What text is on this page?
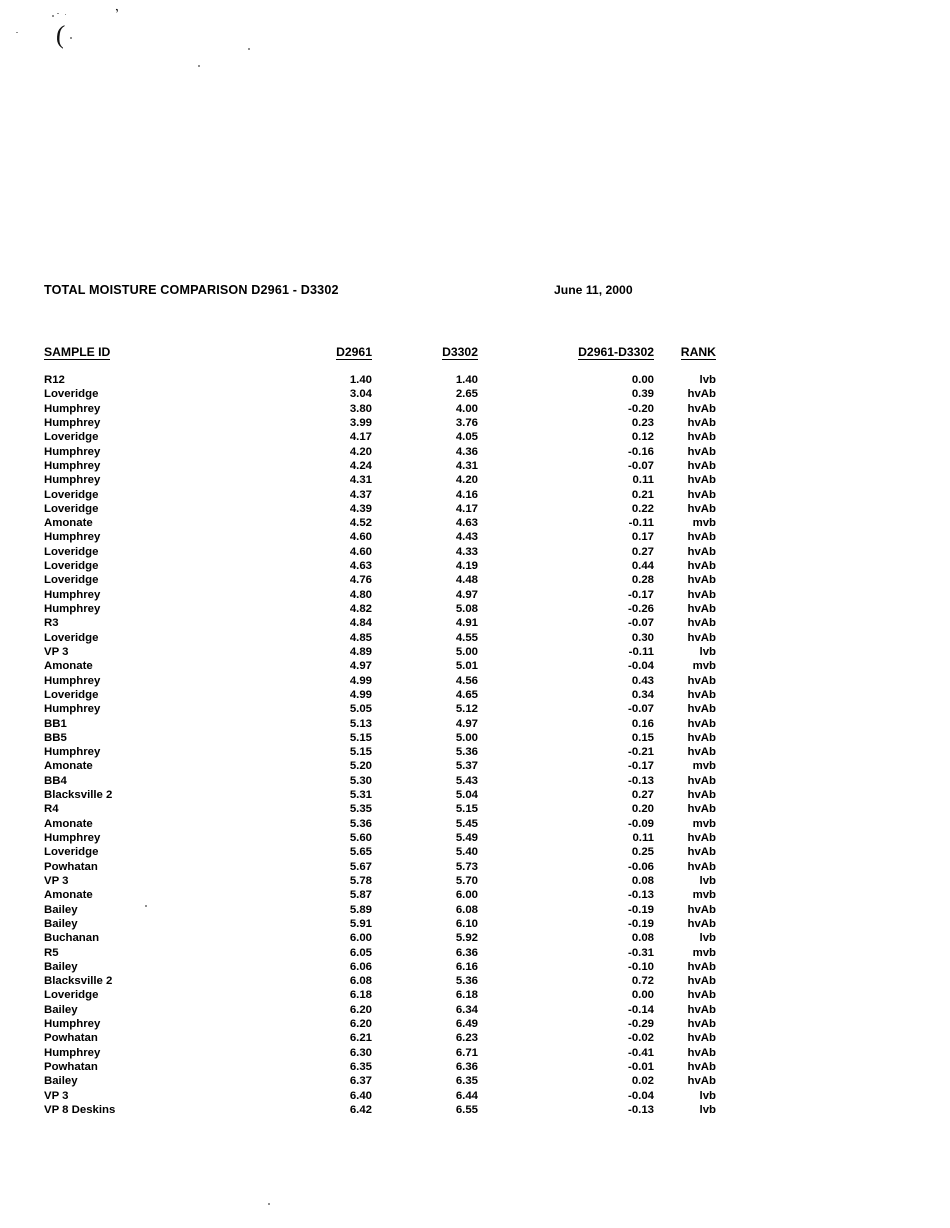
(
’
TOTAL MOISTURE COMPARISON D2961 - D3302	June 11, 2000
SAMPLE ID	D2961	D3302	D2961-D3302	RANK

R12	1.40	1.40	0.00	lvb
Loveridge	3.04	2.65	0.39	hvAb
Humphrey	3.80	4.00	-0.20	hvAb
Humphrey	3.99	3.76	0.23	hvAb
Loveridge	4.17	4.05	0.12	hvAb
Humphrey	4.20	4.36	-0.16	hvAb
Humphrey	4.24	4.31	-0.07	hvAb
Humphrey	4.31	4.20	0.11	hvAb
Loveridge	4.37	4.16	0.21	hvAb
Loveridge	4.39	4.17	0.22	hvAb
Amonate	4.52	4.63	-0.11	mvb
Humphrey	4.60	4.43	0.17	hvAb
Loveridge	4.60	4.33	0.27	hvAb
Loveridge	4.63	4.19	0.44	hvAb
Loveridge	4.76	4.48	0.28	hvAb
Humphrey	4.80	4.97	-0.17	hvAb
Humphrey	4.82	5.08	-0.26	hvAb
R3	4.84	4.91	-0.07	hvAb
Loveridge	4.85	4.55	0.30	hvAb
VP 3	4.89	5.00	-0.11	lvb
Amonate	4.97	5.01	-0.04	mvb
Humphrey	4.99	4.56	0.43	hvAb
Loveridge	4.99	4.65	0.34	hvAb
Humphrey	5.05	5.12	-0.07	hvAb
BB1	5.13	4.97	0.16	hvAb
BB5	5.15	5.00	0.15	hvAb
Humphrey	5.15	5.36	-0.21	hvAb
Amonate	5.20	5.37	-0.17	mvb
BB4	5.30	5.43	-0.13	hvAb
Blacksville 2	5.31	5.04	0.27	hvAb
R4	5.35	5.15	0.20	hvAb
Amonate	5.36	5.45	-0.09	mvb
Humphrey	5.60	5.49	0.11	hvAb
Loveridge	5.65	5.40	0.25	hvAb
Powhatan	5.67	5.73	-0.06	hvAb
VP 3	5.78	5.70	0.08	lvb
Amonate	5.87	6.00	-0.13	mvb
Bailey	5.89	6.08	-0.19	hvAb
Bailey	5.91	6.10	-0.19	hvAb
Buchanan	6.00	5.92	0.08	lvb
R5	6.05	6.36	-0.31	mvb
Bailey	6.06	6.16	-0.10	hvAb
Blacksville 2	6.08	5.36	0.72	hvAb
Loveridge	6.18	6.18	0.00	hvAb
Bailey	6.20	6.34	-0.14	hvAb
Humphrey	6.20	6.49	-0.29	hvAb
Powhatan	6.21	6.23	-0.02	hvAb
Humphrey	6.30	6.71	-0.41	hvAb
Powhatan	6.35	6.36	-0.01	hvAb
Bailey	6.37	6.35	0.02	hvAb
VP 3	6.40	6.44	-0.04	lvb
VP 8 Deskins	6.42	6.55	-0.13	lvb
